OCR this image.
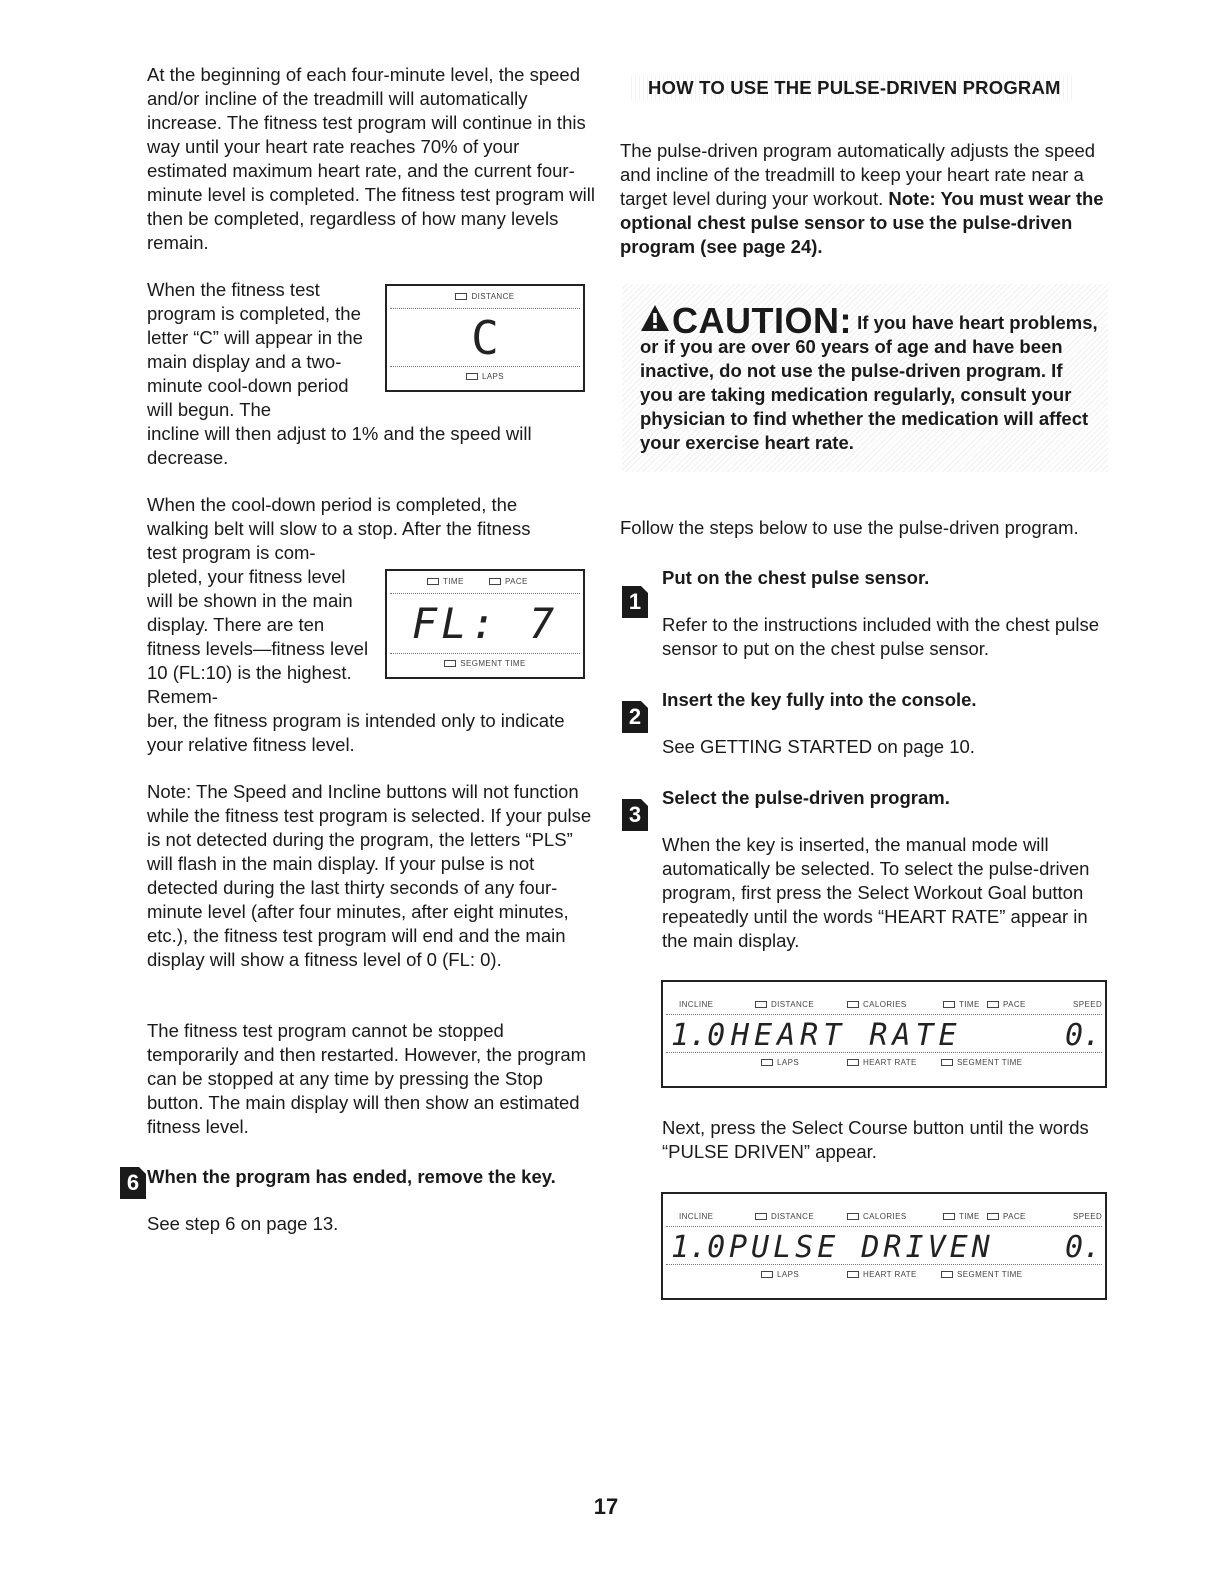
At the beginning of each four-minute level, the speed and/or incline of the treadmill will automatically increase. The fitness test program will continue in this way until your heart rate reaches 70% of your estimated maximum heart rate, and the current four-minute level is completed. The fitness test program will then be completed, regardless of how many levels remain.

When the fitness test program is completed, the letter “C” will appear in the main display and a two-minute cool-down period will begun. The

incline will then adjust to 1% and the speed will decrease.

DISTANCE
C
LAPS

When the cool-down period is completed, the walking belt will slow to a stop. After the fitness test program is com-

pleted, your fitness level will be shown in the main display. There are ten fitness levels—fitness level 10 (FL:10) is the highest. Remem-

ber, the fitness program is intended only to indicate your relative fitness level.

TIME	PACE
FL: 7
SEGMENT TIME

Note: The Speed and Incline buttons will not function while the fitness test program is selected. If your pulse is not detected during the program, the letters “PLS” will flash in the main display. If your pulse is not detected during the last thirty seconds of any four-minute level (after four minutes, after eight minutes, etc.), the fitness test program will end and the main display will show a fitness level of 0 (FL: 0).

The fitness test program cannot be stopped temporarily and then restarted. However, the program can be stopped at any time by pressing the Stop button. The main display will then show an estimated fitness level.

6 When the program has ended, remove the key.

See step 6 on page 13.

HOW TO USE THE PULSE-DRIVEN PROGRAM

The pulse-driven program automatically adjusts the speed and incline of the treadmill to keep your heart rate near a target level during your workout. Note: You must wear the optional chest pulse sensor to use the pulse-driven program (see page 24).

CAUTION: If you have heart problems, or if you are over 60 years of age and have been inactive, do not use the pulse-driven program. If you are taking medication regularly, consult your physician to find whether the medication will affect your exercise heart rate.

Follow the steps below to use the pulse-driven program.

1
Put on the chest pulse sensor.

Refer to the instructions included with the chest pulse sensor to put on the chest pulse sensor.

2
Insert the key fully into the console.

See GETTING STARTED on page 10.

3
Select the pulse-driven program.

When the key is inserted, the manual mode will automatically be selected. To select the pulse-driven program, first press the Select Workout Goal button repeatedly until the words “HEART RATE” appear in the main display.

INCLINE	DISTANCE	CALORIES	TIME	PACE	SPEED
1.0 HEART RATE	0.
LAPS	HEART RATE	SEGMENT TIME

Next, press the Select Course button until the words “PULSE DRIVEN” appear.

INCLINE	DISTANCE	CALORIES	TIME	PACE	SPEED
1.0 PULSE DRIVEN 0.
LAPS	HEART RATE	SEGMENT TIME
17
